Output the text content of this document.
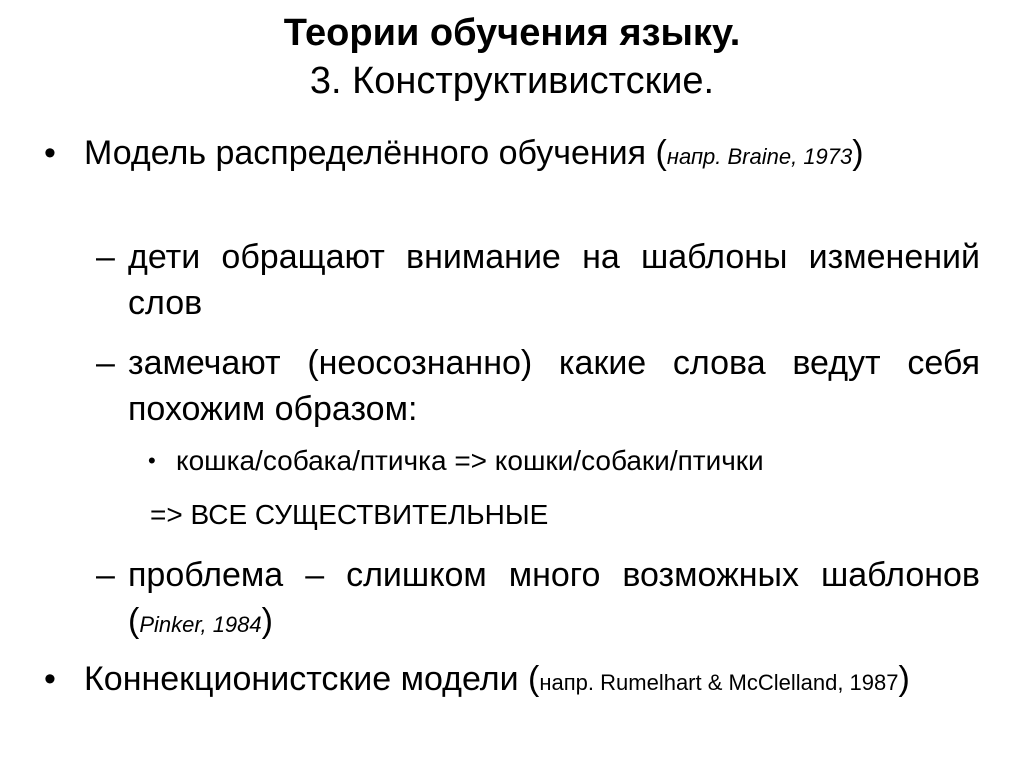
Теории обучения языку.
3. Конструктивистские.
• Модель распределённого обучения (напр. Braine, 1973)
– дети обращают внимание на шаблоны изменений слов
– замечают (неосознанно) какие слова ведут себя похожим образом:
• кошка/собака/птичка => кошки/собаки/птички
=> ВСЕ СУЩЕСТВИТЕЛЬНЫЕ
– проблема – слишком много возможных шаблонов (Pinker, 1984)
• Коннекционистские модели (напр. Rumelhart & McClelland, 1987)
